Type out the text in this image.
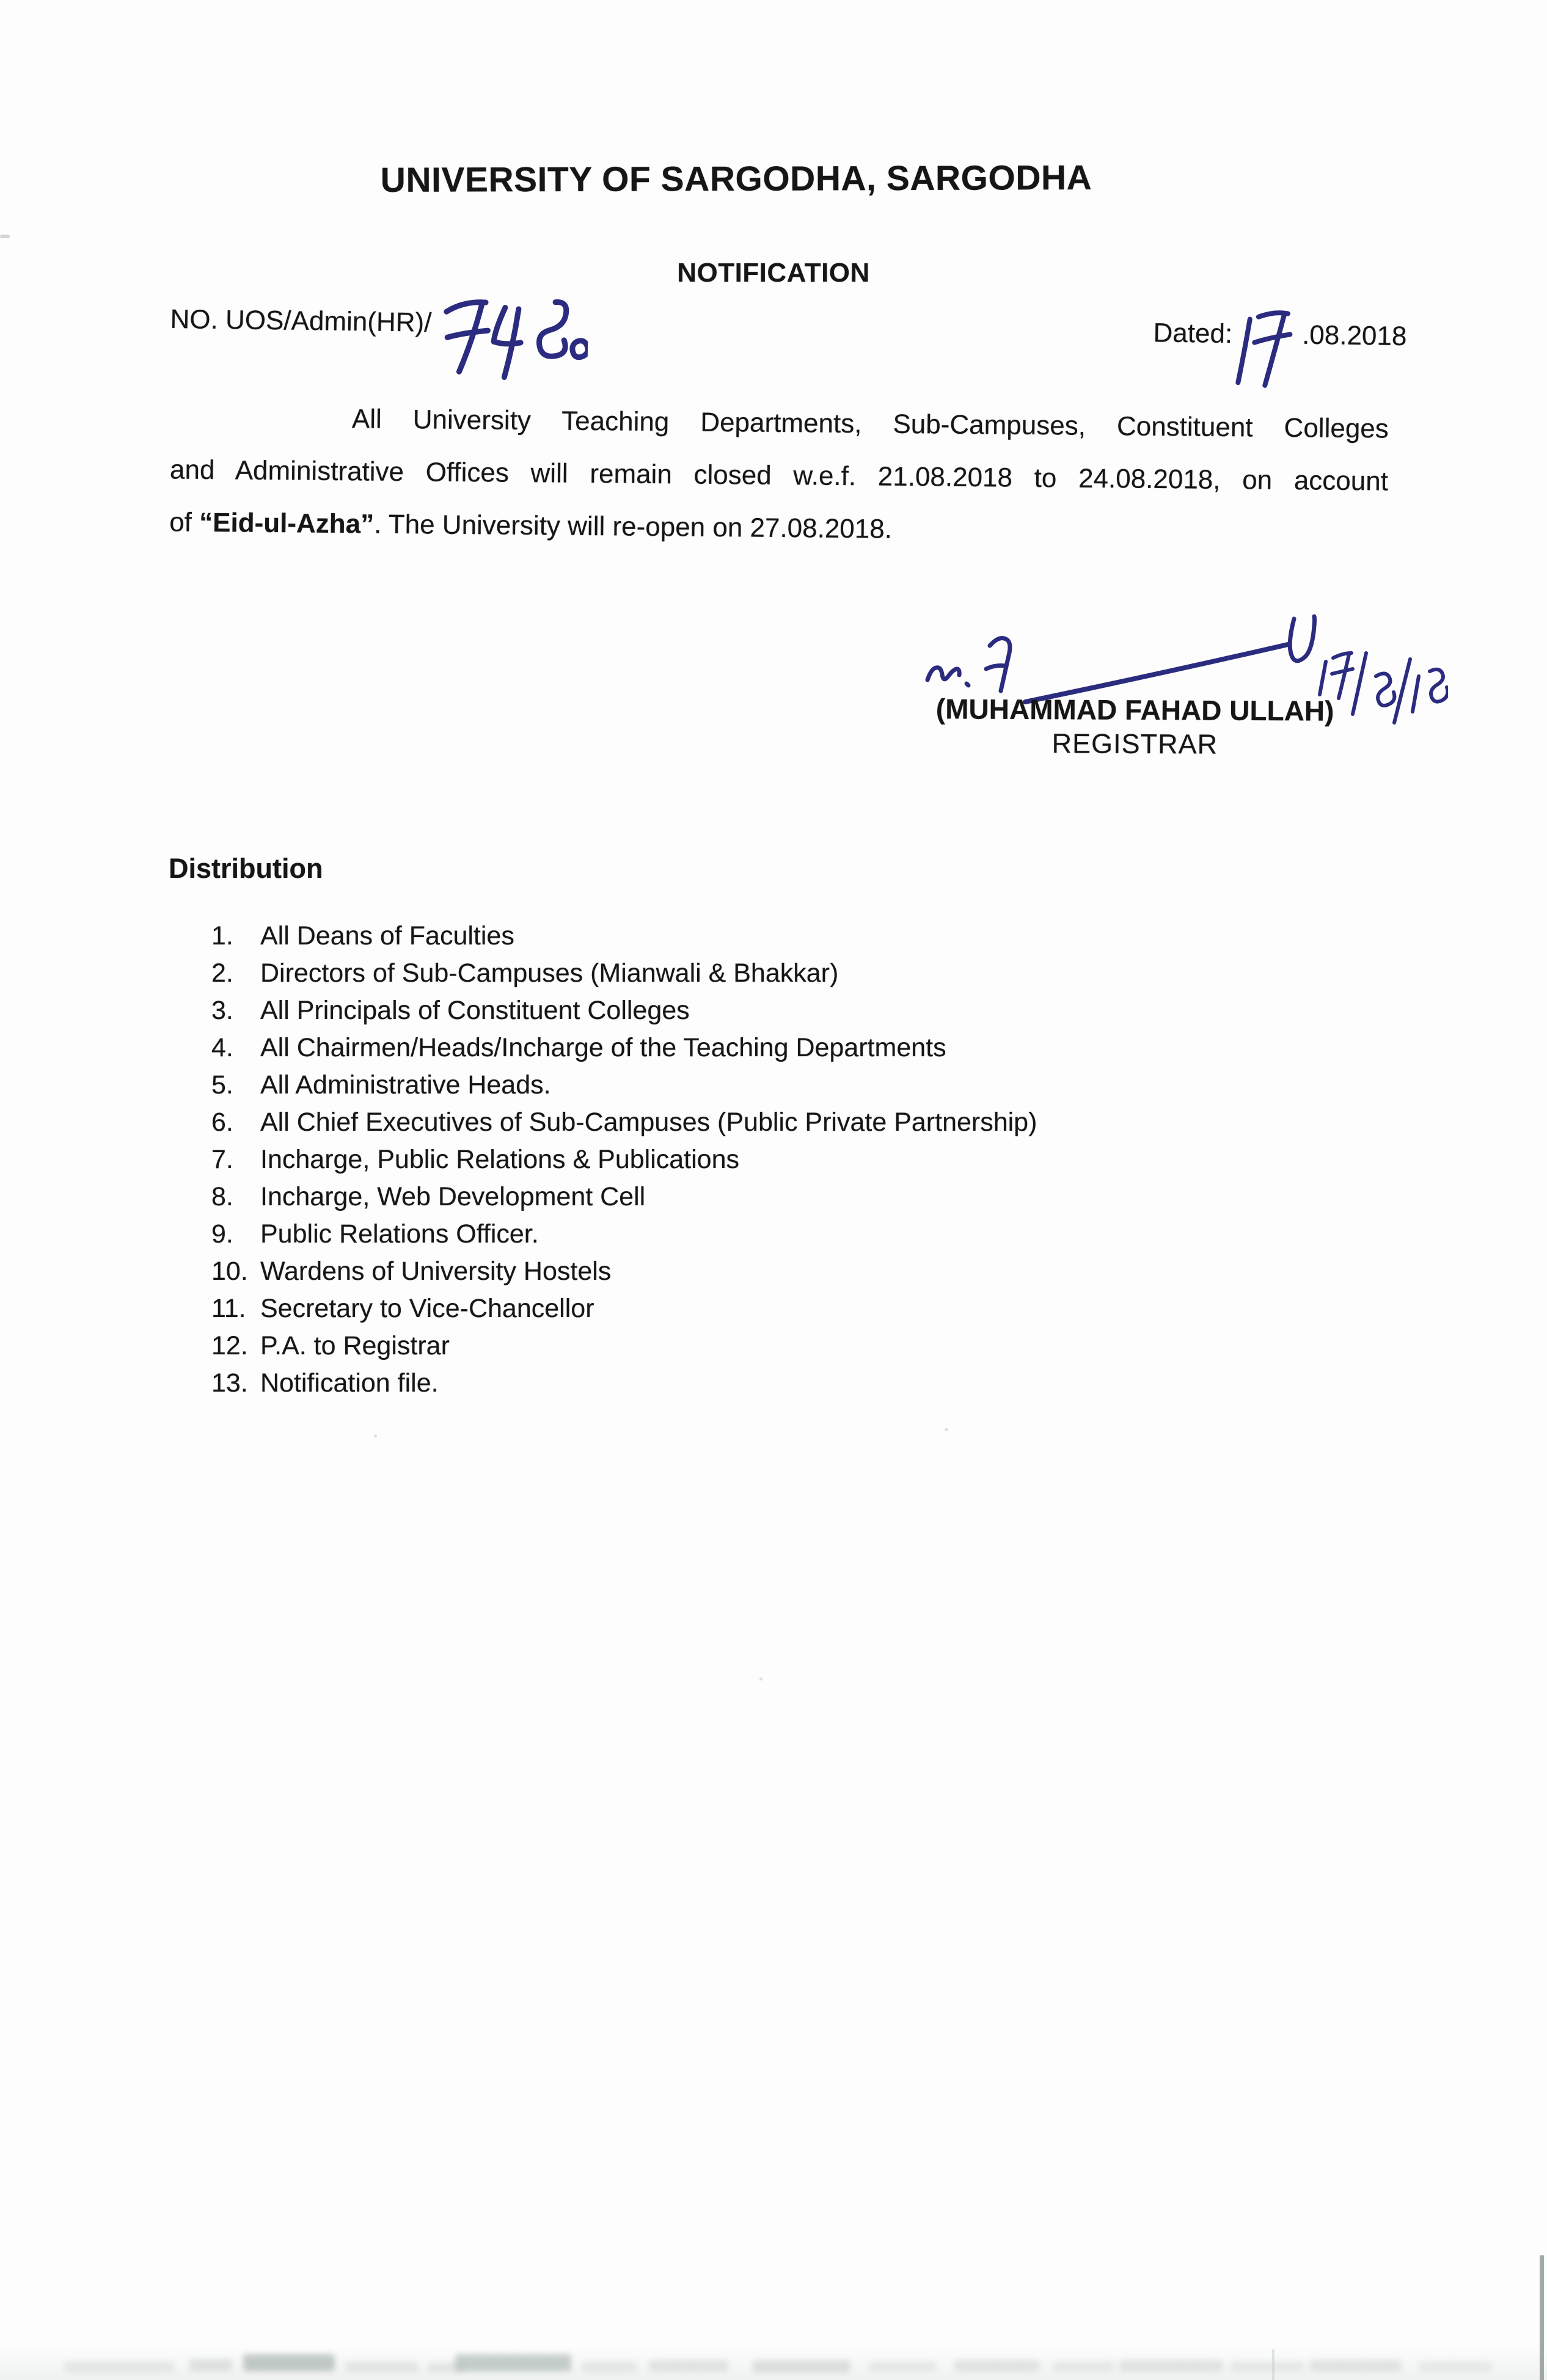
UNIVERSITY OF SARGODHA, SARGODHA
NOTIFICATION
NO. UOS/Admin(HR)/	Dated:	.08.2018
All University Teaching Departments, Sub-Campuses, Constituent Colleges
and Administrative Offices will remain closed w.e.f. 21.08.2018 to 24.08.2018, on account
of “Eid-ul-Azha”. The University will re-open on 27.08.2018.
(MUHAMMAD FAHAD ULLAH)
REGISTRAR
Distribution
1. All Deans of Faculties
2. Directors of Sub-Campuses (Mianwali & Bhakkar)
3. All Principals of Constituent Colleges
4. All Chairmen/Heads/Incharge of the Teaching Departments
5. All Administrative Heads.
6. All Chief Executives of Sub-Campuses (Public Private Partnership)
7. Incharge, Public Relations & Publications
8. Incharge, Web Development Cell
9. Public Relations Officer.
10. Wardens of University Hostels
11. Secretary to Vice-Chancellor
12. P.A. to Registrar
13. Notification file.
